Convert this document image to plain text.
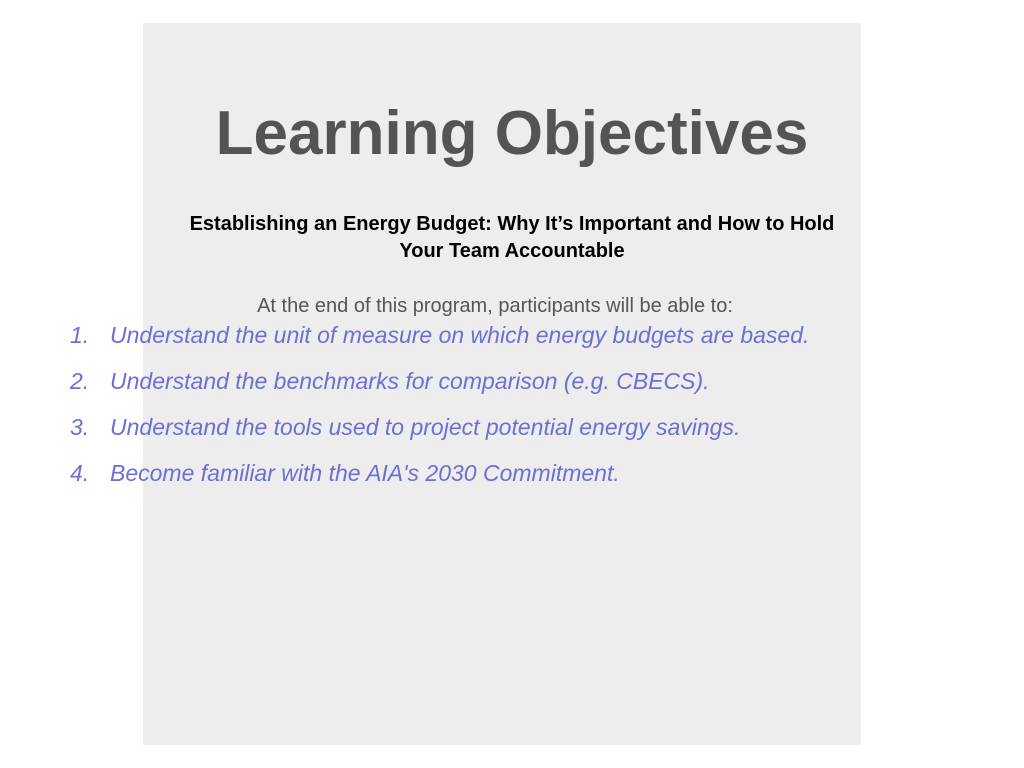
Learning Objectives
Establishing an Energy Budget: Why It’s Important and How to Hold
Your Team Accountable
At the end of this program, participants will be able to:
1. Understand the unit of measure on which energy budgets are based.
2. Understand the benchmarks for comparison (e.g. CBECS).
3. Understand the tools used to project potential energy savings.
4. Become familiar with the AIA's 2030 Commitment.
